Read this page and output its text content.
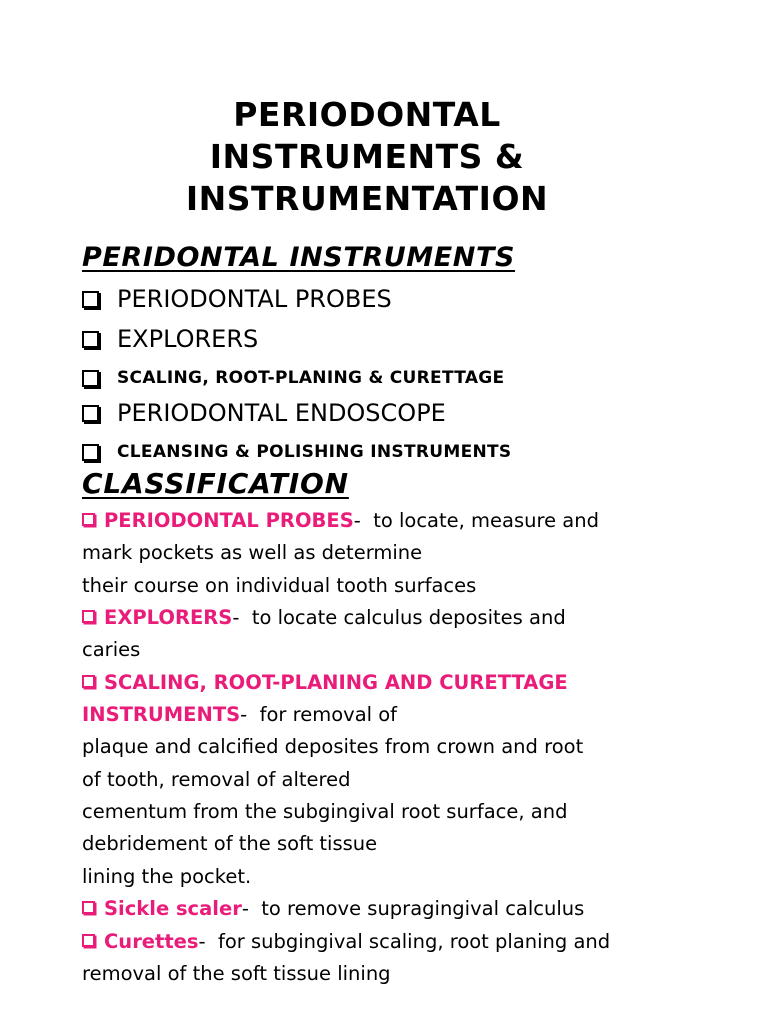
PERIODONTAL
INSTRUMENTS &
INSTRUMENTATION
PERIDONTAL INSTRUMENTS
PERIODONTAL PROBES
EXPLORERS
SCALING, ROOT-PLANING & CURETTAGE
PERIODONTAL ENDOSCOPE
CLEANSING & POLISHING INSTRUMENTS
CLASSIFICATION
PERIODONTAL PROBES- to locate, measure and
mark pockets as well as determine
their course on individual tooth surfaces
EXPLORERS- to locate calculus deposites and
caries
SCALING, ROOT-PLANING AND CURETTAGE
INSTRUMENTS- for removal of
plaque and calcified deposites from crown and root
of tooth, removal of altered
cementum from the subgingival root surface, and
debridement of the soft tissue
lining the pocket.
Sickle scaler- to remove supragingival calculus
Curettes- for subgingival scaling, root planing and
removal of the soft tissue lining
